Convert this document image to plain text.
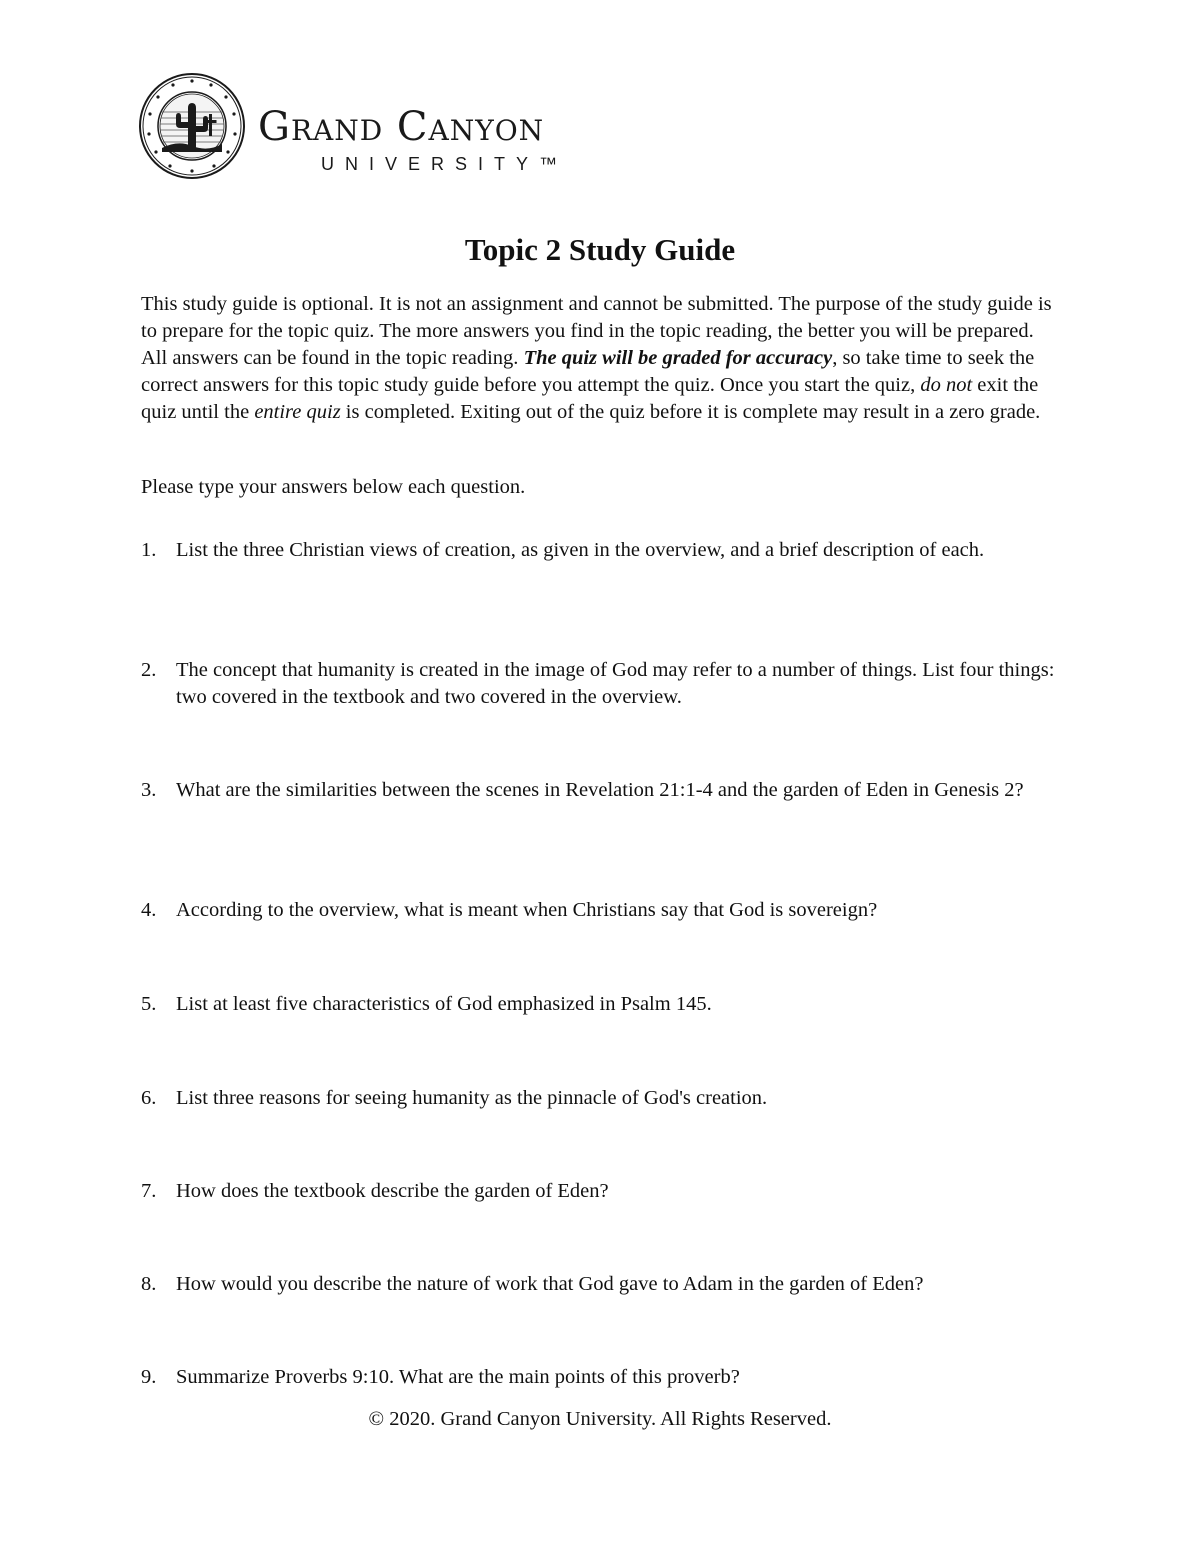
Grand Canyon
UNIVERSITY™
Topic 2 Study Guide
This study guide is optional. It is not an assignment and cannot be submitted. The purpose of the study guide is to prepare for the topic quiz. The more answers you find in the topic reading, the better you will be prepared. All answers can be found in the topic reading. The quiz will be graded for accuracy, so take time to seek the correct answers for this topic study guide before you attempt the quiz. Once you start the quiz, do not exit the quiz until the entire quiz is completed. Exiting out of the quiz before it is complete may result in a zero grade.
Please type your answers below each question.
1. List the three Christian views of creation, as given in the overview, and a brief description of each.
2. The concept that humanity is created in the image of God may refer to a number of things. List four things: two covered in the textbook and two covered in the overview.
3. What are the similarities between the scenes in Revelation 21:1-4 and the garden of Eden in Genesis 2?
4. According to the overview, what is meant when Christians say that God is sovereign?
5. List at least five characteristics of God emphasized in Psalm 145.
6. List three reasons for seeing humanity as the pinnacle of God's creation.
7. How does the textbook describe the garden of Eden?
8. How would you describe the nature of work that God gave to Adam in the garden of Eden?
9. Summarize Proverbs 9:10. What are the main points of this proverb?
© 2020. Grand Canyon University. All Rights Reserved.
